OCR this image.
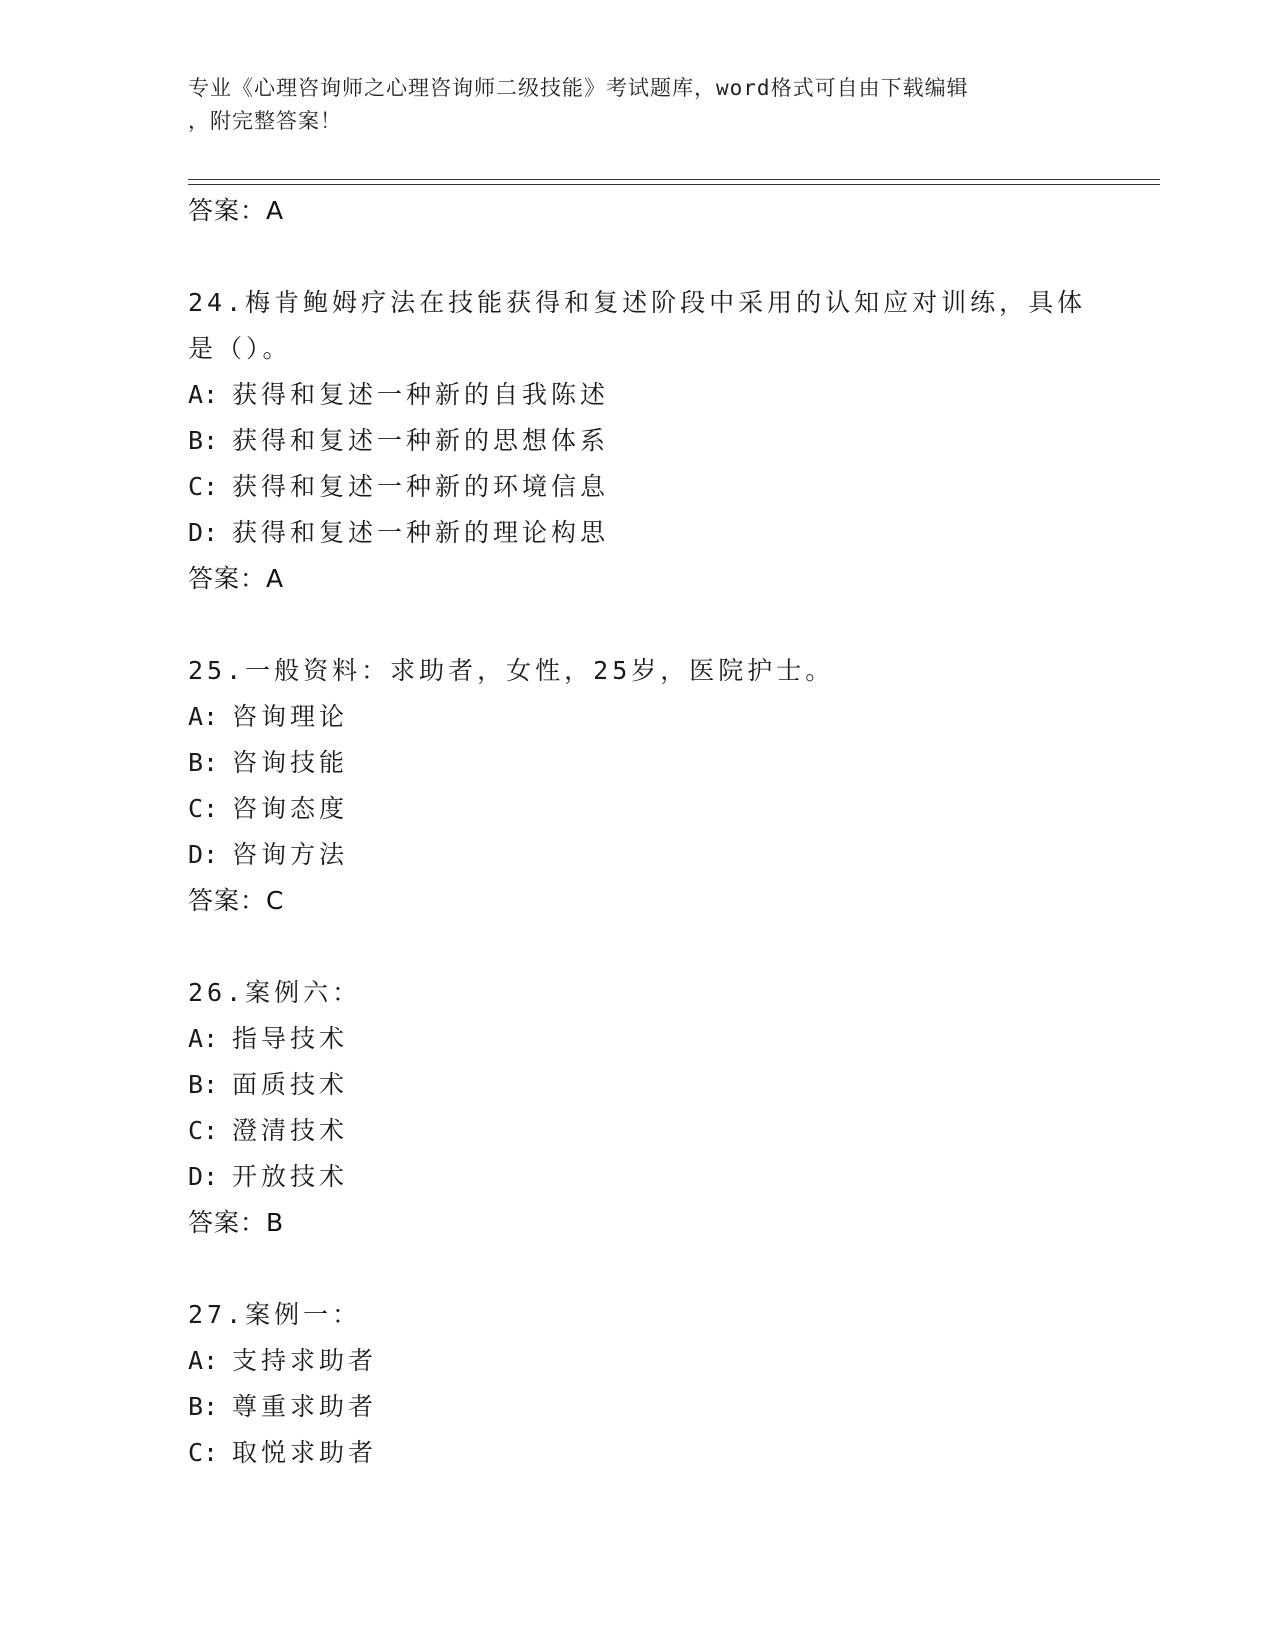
专业《心理咨询师之心理咨询师二级技能》考试题库，word格式可自由下载编辑
，附完整答案！
答案：A
24.梅肯鲍姆疗法在技能获得和复述阶段中采用的认知应对训练，具体
是（）。
A: 获得和复述一种新的自我陈述
B: 获得和复述一种新的思想体系
C: 获得和复述一种新的环境信息
D: 获得和复述一种新的理论构思
答案：A
25.一般资料：求助者，女性，25岁，医院护士。
A: 咨询理论
B: 咨询技能
C: 咨询态度
D: 咨询方法
答案：C
26.案例六：
A: 指导技术
B: 面质技术
C: 澄清技术
D: 开放技术
答案：B
27.案例一：
A: 支持求助者
B: 尊重求助者
C: 取悦求助者
